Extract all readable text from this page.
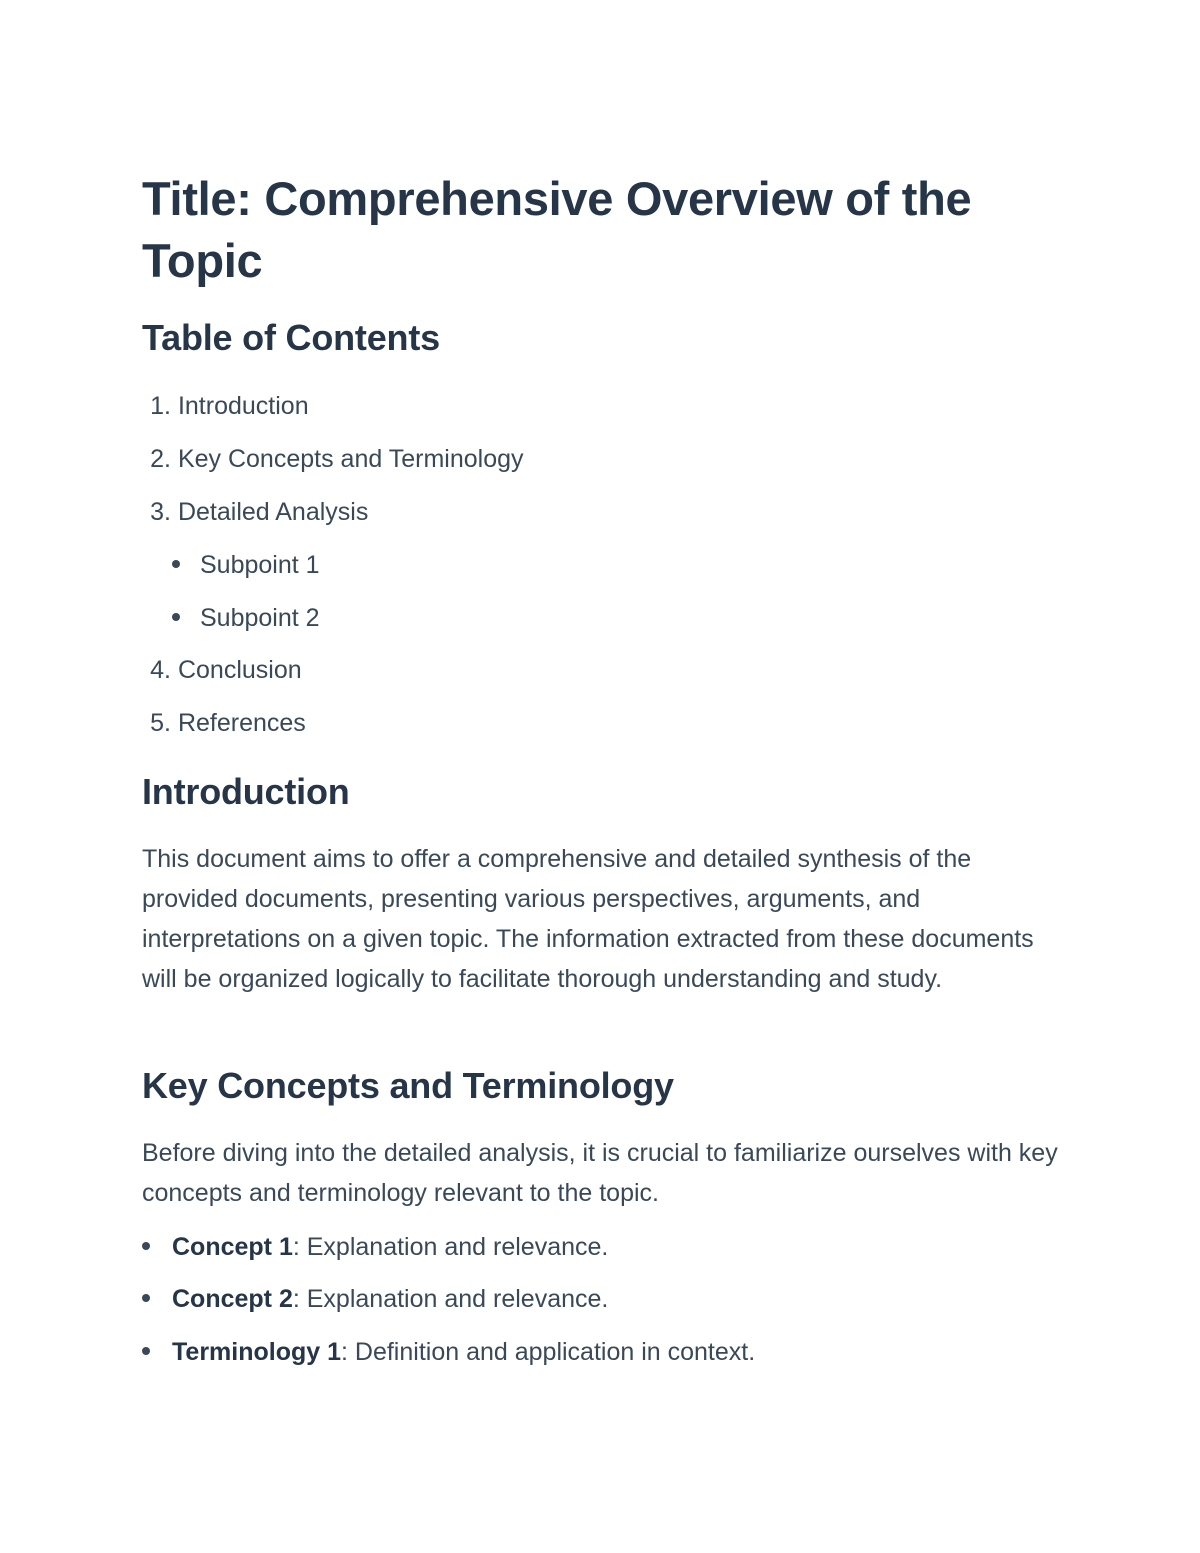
Title: Comprehensive Overview of the Topic
Table of Contents
1. Introduction
2. Key Concepts and Terminology
3. Detailed Analysis
Subpoint 1
Subpoint 2
4. Conclusion
5. References
Introduction

This document aims to offer a comprehensive and detailed synthesis of the provided documents, presenting various perspectives, arguments, and interpretations on a given topic. The information extracted from these documents will be organized logically to facilitate thorough understanding and study.

Key Concepts and Terminology

Before diving into the detailed analysis, it is crucial to familiarize ourselves with key concepts and terminology relevant to the topic.

Concept 1: Explanation and relevance.
Concept 2: Explanation and relevance.
Terminology 1: Definition and application in context.
